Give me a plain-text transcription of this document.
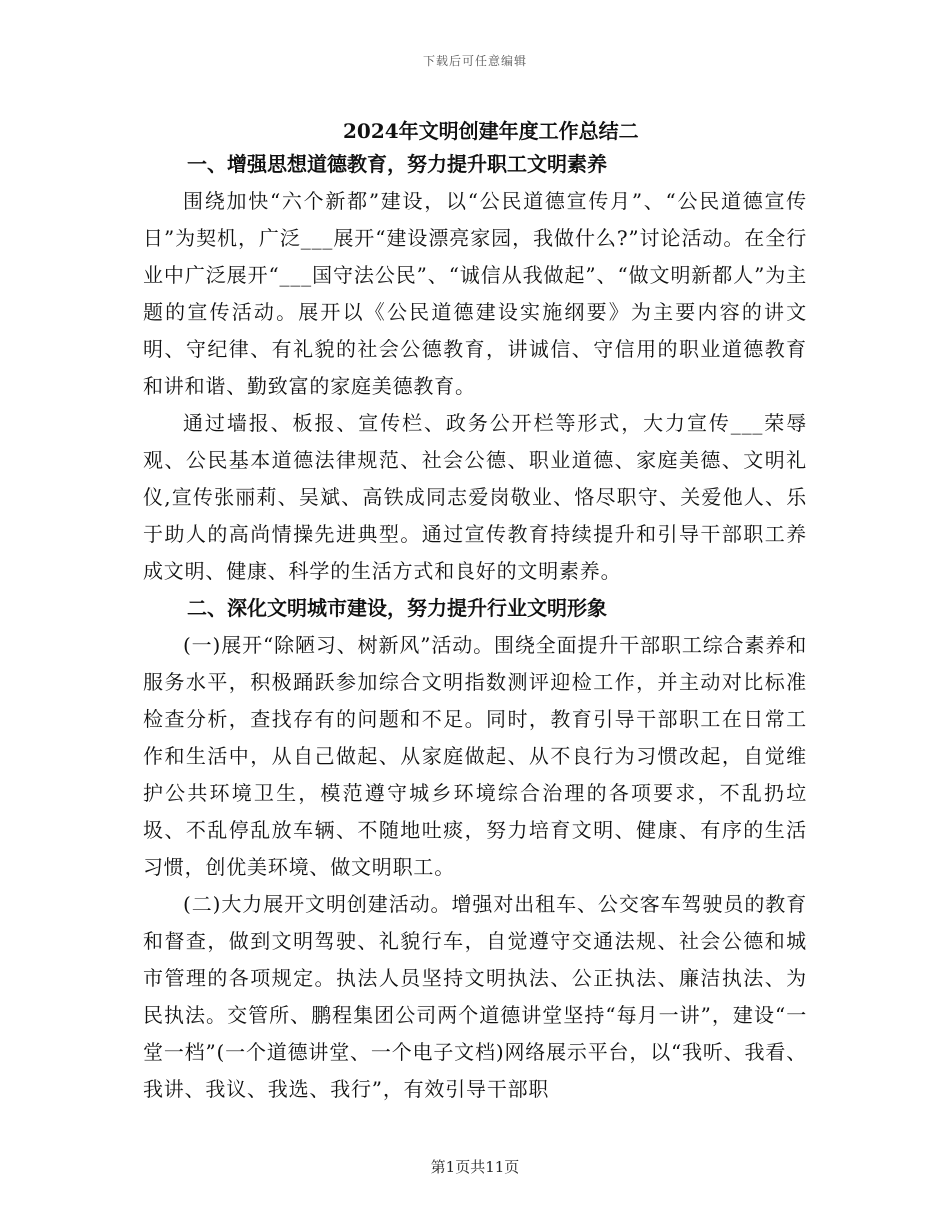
下载后可任意编辑
2024年文明创建年度工作总结二
一、增强思想道德教育，努力提升职工文明素养

围绕加快“六个新都”建设，以“公民道德宣传月”、“公民道德宣传日”为契机，广泛___展开“建设漂亮家园，我做什么?”讨论活动。在全行业中广泛展开“___国守法公民”、“诚信从我做起”、“做文明新都人”为主题的宣传活动。展开以《公民道德建设实施纲要》为主要内容的讲文明、守纪律、有礼貌的社会公德教育，讲诚信、守信用的职业道德教育和讲和谐、勤致富的家庭美德教育。

通过墙报、板报、宣传栏、政务公开栏等形式，大力宣传___荣辱观、公民基本道德法律规范、社会公德、职业道德、家庭美德、文明礼仪,宣传张丽莉、吴斌、高铁成同志爱岗敬业、恪尽职守、关爱他人、乐于助人的高尚情操先进典型。通过宣传教育持续提升和引导干部职工养成文明、健康、科学的生活方式和良好的文明素养。

二、深化文明城市建设，努力提升行业文明形象

(一)展开“除陋习、树新风”活动。围绕全面提升干部职工综合素养和服务水平，积极踊跃参加综合文明指数测评迎检工作，并主动对比标准检查分析，查找存有的问题和不足。同时，教育引导干部职工在日常工作和生活中，从自己做起、从家庭做起、从不良行为习惯改起，自觉维护公共环境卫生，模范遵守城乡环境综合治理的各项要求，不乱扔垃圾、不乱停乱放车辆、不随地吐痰，努力培育文明、健康、有序的生活习惯，创优美环境、做文明职工。

(二)大力展开文明创建活动。增强对出租车、公交客车驾驶员的教育和督查，做到文明驾驶、礼貌行车，自觉遵守交通法规、社会公德和城市管理的各项规定。执法人员坚持文明执法、公正执法、廉洁执法、为民执法。交管所、鹏程集团公司两个道德讲堂坚持“每月一讲”，建设“一堂一档”(一个道德讲堂、一个电子文档)网络展示平台，以“我听、我看、我讲、我议、我选、我行”，有效引导干部职

第1页共11页
